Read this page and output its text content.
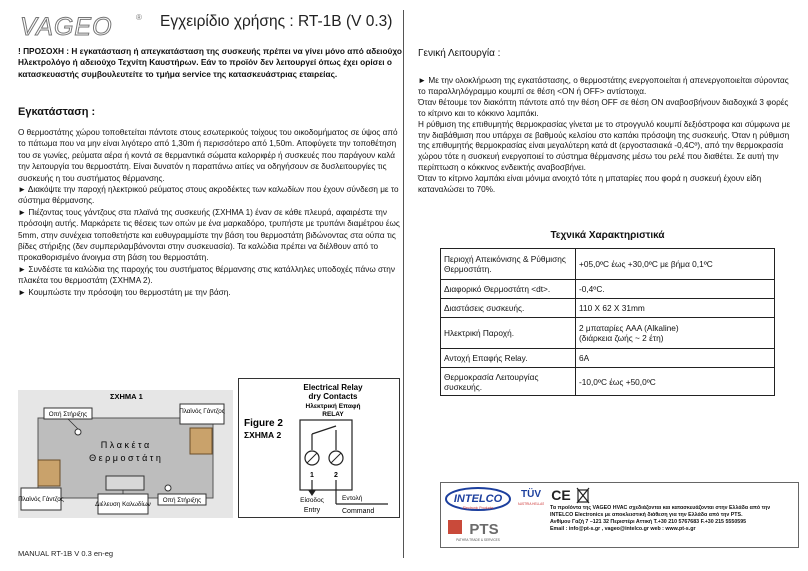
VAGEO	® Εγχειρίδιο χρήσης : RT-1B (V 0.3)
! ΠΡΟΣΟΧΗ : Η εγκατάσταση ή απεγκατάσταση της συσκευής πρέπει να γίνει μόνο από αδειούχο Ηλεκτρολόγο ή αδειούχο Τεχνίτη Καυστήρων. Εάν το προϊόν δεν λειτουργεί όπως έχει ορίσει ο κατασκευαστής συμβουλευτείτε το τμήμα service της κατασκευάστριας εταιρείας.
Εγκατάσταση :

Ο θερμοστάτης χώρου τοποθετείται πάντοτε στους εσωτερικούς τοίχους του οικοδομήματος σε ύψος από το πάτωμα που να μην είναι λιγότερο από 1,30m ή περισσότερο από 1,50m. Αποφύγετε την τοποθέτηση του σε γωνίες, ρεύματα αέρα ή κοντά σε θερμαντικά σώματα καλοριφέρ ή συσκευές που παράγουν καλά την λειτουργία του θερμοστάτη. Είναι δυνατόν η παραπάνω αιτίες να οδηγήσουν σε δυσλειτουργίες τις συσκευής η του συστήματος θέρμανσης.

► Διακόψτε την παροχή ηλεκτρικού ρεύματος στους ακροδέκτες των καλωδίων που έχουν σύνδεση με το σύστημα θέρμανσης.

► Πιέζοντας τους γάντζους στα πλαϊνά της συσκευής (ΣΧΗΜΑ 1) έναν σε κάθε πλευρά, αφαιρέστε την πρόσοψη αυτής. Μαρκάρετε τις θέσεις των οπών με ένα μαρκαδόρο, τρυπήστε με τρυπάνι διαμέτρου έως 5mm, στην συνέχεια τοποθετήστε και ευθυγραμμίστε την βάση του θερμοστάτη βιδώνοντας στα ούπα τις βίδες στήριξης (δεν συμπεριλαμβάνονται στην συσκευασία). Τα καλώδια πρέπει να διέλθουν από το προκαθορισμένο άνοιγμα στη βάση του θερμοστάτη.

► Συνδέστε τα καλώδια της παροχής του συστήματος θέρμανσης στις κατάλληλες υποδοχές πάνω στην πλακέτα του θερμοστάτη (ΣΧΗΜΑ 2).

► Κουμπώστε την πρόσοψη του θερμοστάτη με την βάση.

ΣΧΗΜΑ 1
Π λ α κ έ τ α
Θ ε ρ μ ο σ τ ά τ η
Οπή Στήριξης	Πλαϊνός Γάντζος
Πλαϊνός Γάντζος
Διέλευση Καλωδίων
Οπή Στήριξης
Electrical Relay
dry Contacts
Ηλεκτρική Επαφή
RELAY
Figure 2
ΣΧΗΜΑ 2
1	2
Είσοδος
Entry
Εντολή
Command
MANUAL RT-1B V 0.3 en-eg
Γενική Λειτουργία :

► Με την ολοκλήρωση της εγκατάστασης, ο θερμοστάτης ενεργοποιείται ή απενεργοποιείται σύροντας το παραλληλόγραμμο κουμπί σε θέση <ON ή OFF> αντίστοιχα.

Όταν θέτουμε τον διακόπτη πάντοτε από την θέση OFF σε θέση ON αναβοσβήνουν διαδοχικά 3 φορές το κίτρινο και το κόκκινο λαμπάκι.

Η ρύθμιση της επιθυμητής θερμοκρασίας γίνεται με το στρογγυλό κουμπί δεξιόστροφα και σύμφωνα με την διαβάθμιση που υπάρχει σε βαθμούς κελσίου στο καπάκι πρόσοψη της συσκευής. Όταν η ρύθμιση της επιθυμητής θερμοκρασίας είναι μεγαλύτερη κατά dt (εργοστασιακά -0,4Cº), από την θερμοκρασία χώρου τότε η συσκευή ενεργοποιεί το σύστημα θέρμανσης μέσω του ρελέ που διαθέτει. Σε αυτή την περίπτωση ο κόκκινος ενδεικτής αναβοσβήνει.

Όταν το κίτρινο λαμπάκι είναι μόνιμα ανοιχτό τότε η μπαταρίες που φορά η συσκευή έχουν είδη καταναλώσει το 70%.

Τεχνικά Χαρακτηριστικά
Περιοχή Απεικόνισης & Ρύθμισης Θερμοστάτη.	+05,0ºC έως +30,0ºC με βήμα 0,1ºC
Διαφορικό Θερμοστάτη <dt>.	-0,4ºC.
Διαστάσεις συσκευής.	110 X 62 X 31mm
Ηλεκτρική Παροχή.	2 μπαταρίες AAA (Alkaline)
(διάρκεια ζωής ~ 2 έτη)
Αντοχή Επαφής Relay.	6A
Θερμοκρασία Λειτουργίας συσκευής.	-10,0ºC έως +50,0ºC
INTELCO
Electronic Products
PTS
PATHRA TRADE & SERVICES
TÜV
AUSTRIA HELLAS
CE
Τα προϊόντα της VAGEO HVAC σχεδιάζονται και κατασκευάζονται στην Ελλάδα από την
INTELCO Electronics με αποκλειστική διάθεση για την Ελλάδα από την PTS.
Ανθίμου Γαζή 7 –121 32 Περιστέρι Αττική Τ.+30 210 5767683 F.+30 215 5550595
Email : info@pt-s.gr , vageo@intelco.gr web : www.pt-s.gr
